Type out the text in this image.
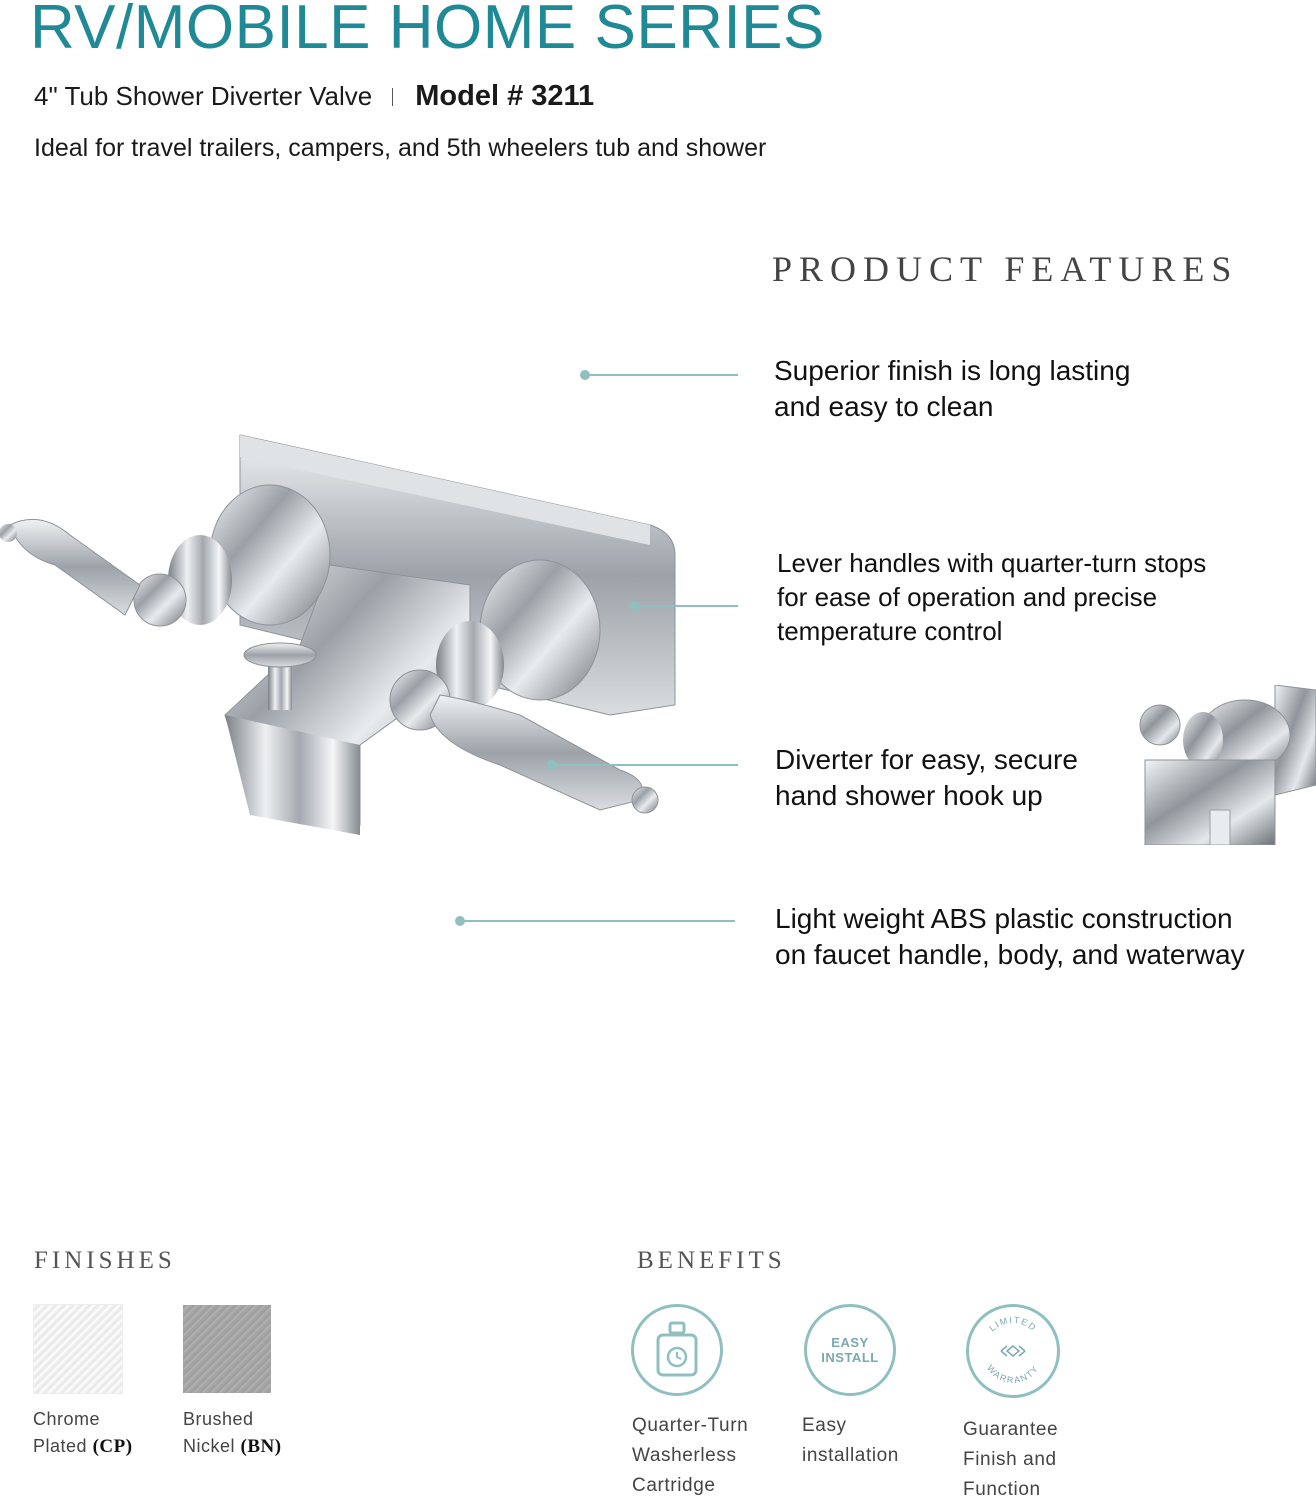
RV/MOBILE HOME SERIES
4" Tub Shower Diverter Valve Model # 3211
Ideal for travel trailers, campers, and 5th wheelers tub and shower
PRODUCT FEATURES
Superior finish is long lasting
and easy to clean
Lever handles with quarter-turn stops
for ease of operation and precise
temperature control
Diverter for easy, secure
hand shower hook up
Light weight ABS plastic construction
on faucet handle, body, and waterway
FINISHES
Chrome
Plated (CP)
Brushed
Nickel (BN)
BENEFITS
EASY
INSTALL
LIMITED
WARRANTY
Quarter-Turn
Washerless
Cartridge
Easy
installation
Guarantee
Finish and
Function
